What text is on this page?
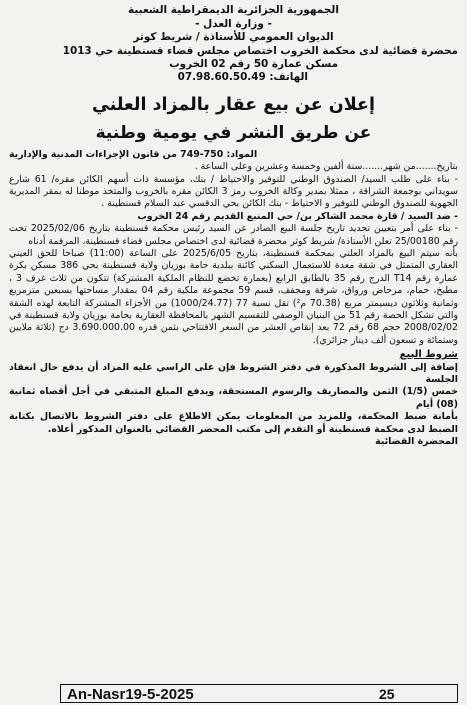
الجمهورية الجزائرية الديمقراطية الشعبية
- وزارة العدل -
الديوان العمومي للأستاذة / شريط كوثر
محضرة قضائية لدى محكمة الخروب اختصاص مجلس قضاء قسنطينة حي 1013
مسكن عمارة 50 رقم 02 الخروب
الهاتف: 07.98.60.50.49
إعلان عن بيع عقار بالمزاد العلني
عن طريق النشر في يومية وطنية

المواد: 750-749 من قانون الإجراءات المدنية والإدارية

بتاريخ.......من شهر.......سنة ألفين وخمسة وعشرين وعلى الساعة .

- بناء على طلب السيد/ الصندوق الوطني للتوفير والاحتياط / بنك، مؤسسة ذات أسهم الكائن مقره/ 61 شارع سويداني بوجمعة الشراقة ، ممثلا بمدير وكالة الخروب رمز 3 الكائن مقره بالخروب والمتخذ موطنا له بمقر المديرية الجهوية للصندوق الوطني للتوفير و الاحتياط - بنك الكائن بحي الدقسي عبد السلام قسنطينة .

- ضد السيد / قارة محمد الشاكر بن/ حي المنبع القديم رقم 24 الخروب

- بناء على أمر بتعيين تحديد تاريخ جلسة البيع الصادر عن السيد رئيس محكمة قسنطينة بتاريخ 2025/02/06 تحت رقم 25/00180 تعلن الأستاذة/ شريط كوثر محضرة قضائية لدى اختصاص مجلس قضاء قسنطينة، المرقمة أدناه

بأنه سيتم البيع بالمزاد العلني بمحكمة قسنطينة، بتاريخ 2025/6/05 على الساعة (11:00) صباحا للحق العيني العقاري المتمثل في شقة معدة للاستعمال السكني كائنة ببلدية حامة بوزيان ولاية قسنطينة بحي 386 مسكن بكرة عمارة رقم T14 الدرج رقم 35 بالطابق الرابع (بعمارة تخضع للنظام الملكية المشتركة) تتكون من ثلاث غرف 3 ، مطبخ، حمام، مرحاض ورواق، شرفة ومجفف، قسم 59 مجموعة ملكية رقم 04 بمقدار مساحتها بسبعين مترمربع وثمانية وثلاثون ديسيمتر مربع (70.38 م²) تقل نسبة 77 (1000/24.77) من الأجزاء المشتركة التابعة لهذه الشقة والتي تشكل الحصة رقم 51 من البنيان الوصفي للتقسيم الشهر بالمحافظة العقارية بحامة بوزيان ولاية قسنطينة في 2008/02/02 حجم 68 رقم 72 بعد إنقاص العشر من السعر الافتتاحي بثمن قدره 3.690.000.00 دج (ثلاثة ملايين وستمائة و تسعون ألف دينار جزائري).

شروط البيع

إضافة إلى الشروط المذكورة في دفتر الشروط فإن على الراسي عليه المزاد أن يدفع حال انعقاد الجلسة

خمس (1/5) الثمن والمصاريف والرسوم المستحقة، ويدفع المبلغ المتبقي في أجل أقصاه ثمانية (08) أيام

بأمانة ضبط المحكمة، وللمزيد من المعلومات يمكن الاطلاع على دفتر الشروط بالاتصال بكتابة الضبط لدى محكمة قسنطينة أو التقدم إلى مكتب المحضر القضائي بالعنوان المذكور أعلاه.

المحضرة القضائية

An-Nasr19-5-2025	25
